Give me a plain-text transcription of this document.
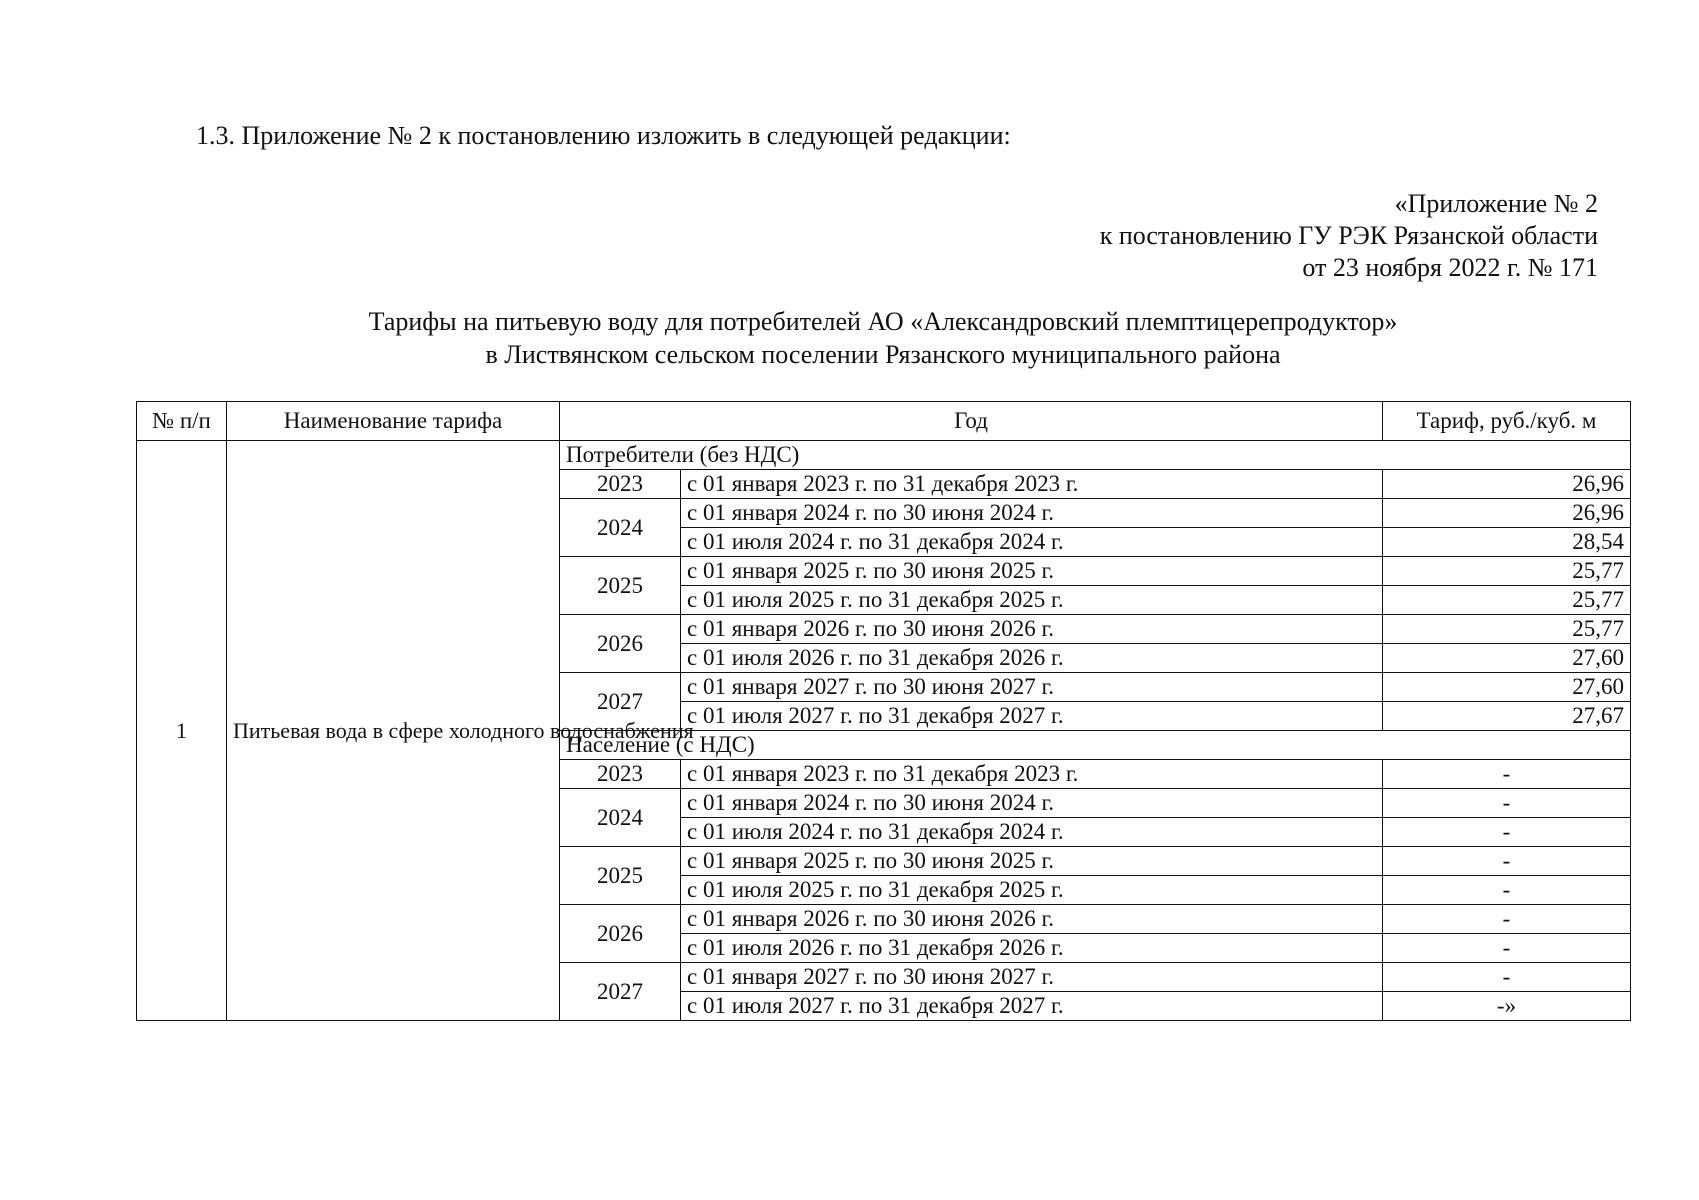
1.3. Приложение № 2 к постановлению изложить в следующей редакции:
«Приложение № 2
к постановлению ГУ РЭК Рязанской области
от 23 ноября 2022 г. № 171
Тарифы на питьевую воду для потребителей АО «Александровский племптицерепродуктор»
в Листвянском сельском поселении Рязанского муниципального района
№ п/п	Наименование тарифа	Год		Тариф, руб./куб. м
1	Питьевая вода в сфере холодного водоснабжения	Потребители (без НДС)		
		2023	с 01 января 2023 г. по 31 декабря 2023 г.	26,96
		2024	с 01 января 2024 г. по 30 июня 2024 г.	26,96
			с 01 июля 2024 г. по 31 декабря 2024 г.	28,54
		2025	с 01 января 2025 г. по 30 июня 2025 г.	25,77
			с 01 июля 2025 г. по 31 декабря 2025 г.	25,77
		2026	с 01 января 2026 г. по 30 июня 2026 г.	25,77
			с 01 июля 2026 г. по 31 декабря 2026 г.	27,60
		2027	с 01 января 2027 г. по 30 июня 2027 г.	27,60
			с 01 июля 2027 г. по 31 декабря 2027 г.	27,67
		Население (с НДС)		
		2023	с 01 января 2023 г. по 31 декабря 2023 г.	-
		2024	с 01 января 2024 г. по 30 июня 2024 г.	-
			с 01 июля 2024 г. по 31 декабря 2024 г.	-
		2025	с 01 января 2025 г. по 30 июня 2025 г.	-
			с 01 июля 2025 г. по 31 декабря 2025 г.	-
		2026	с 01 января 2026 г. по 30 июня 2026 г.	-
			с 01 июля 2026 г. по 31 декабря 2026 г.	-
		2027	с 01 января 2027 г. по 30 июня 2027 г.	-
			с 01 июля 2027 г. по 31 декабря 2027 г.	-»
